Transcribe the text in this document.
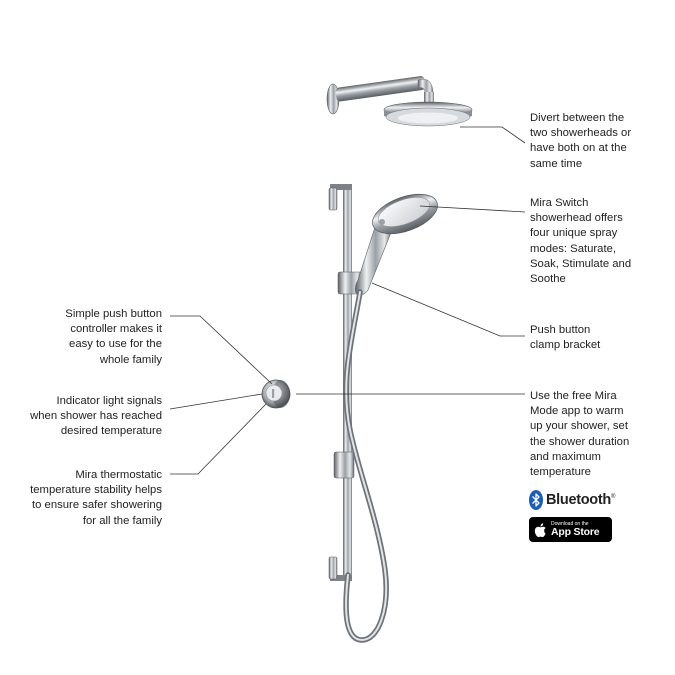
Divert between the
two showerheads or
have both on at the
same time
Mira Switch
showerhead offers
four unique spray
modes: Saturate,
Soak, Stimulate and
Soothe
Simple push button
controller makes it
easy to use for the
whole family
Push button
clamp bracket
Indicator light signals
when shower has reached
desired temperature
Use the free Mira
Mode app to warm
up your shower, set
the shower duration
and maximum
temperature
Mira thermostatic
temperature stability helps
to ensure safer showering
for all the family
Bluetooth®
Download on the
App Store
